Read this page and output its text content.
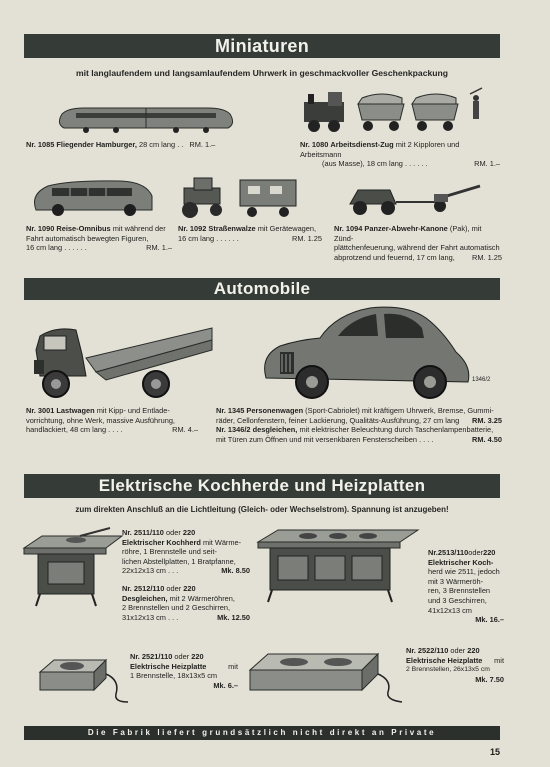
Miniaturen
mit langlaufendem und langsamlaufendem Uhrwerk in geschmackvoller Geschenkpackung
Nr. 1085 Fliegender Hamburger, 28 cm lang . . RM. 1.–	Nr. 1080 Arbeitsdienst-Zug mit 2 Kipploren und Arbeitsmann
(aus Masse), 18 cm lang . . . . . .	RM. 1.–
Nr. 1090 Reise-Omnibus mit während der
Fahrt automatisch bewegten Figuren,
16 cm lang . . . . . .	RM. 1.–
Nr. 1092 Straßenwalze mit Gerätewagen,
16 cm lang . . . . . .	RM. 1.25
Nr. 1094 Panzer-Abwehr-Kanone (Pak), mit Zünd-
plättchenfeuerung, während der Fahrt automatisch
abprotzend und feuernd, 17 cm lang, RM. 1.25
Automobile
1346/2
Nr. 3001 Lastwagen mit Kipp- und Entlade-
vorrichtung, ohne Werk, massive Ausführung,
handlackiert, 48 cm lang . . . .	RM. 4.–
Nr. 1345 Personenwagen (Sport-Cabriolet) mit kräftigem Uhrwerk, Bremse, Gummi-
räder, Cellonfenstern, feiner Lackierung, Qualitäts-Ausführung, 27 cm lang RM. 3.25
Nr. 1346/2 desgleichen, mit elektrischer Beleuchtung durch Taschenlampenbatterie,
mit Türen zum Öffnen und mit versenkbaren Fensterscheiben . . . .	RM. 4.50
Elektrische Kochherde und Heizplatten
zum direkten Anschluß an die Lichtleitung (Gleich- oder Wechselstrom). Spannung ist anzugeben!
Nr. 2511/110 oder 220
Elektrischer Kochherd mit Wärme-
röhre, 1 Brennstelle und seit-
lichen Abstellplatten, 1 Bratpfanne,
22x12x13 cm . . .	Mk. 8.50
Nr. 2512/110 oder 220
Desgleichen, mit 2 Wärmeröhren,
2 Brennstellen und 2 Geschirren,
31x12x13 cm . . .	Mk. 12.50
Nr.2513/110oder220
Elektrischer Koch-
herd wie 2511, jedoch
mit 3 Wärmeröh-
ren, 3 Brennstellen
und 3 Geschirren,
41x12x13 cm
Mk. 16.–
Nr. 2521/110 oder 220
Elektrische Heizplatte	mit
1 Brennstelle, 18x13x5 cm
Mk. 6.–
Nr. 2522/110 oder 220
Elektrische Heizplatte mit
2 Brennstellen, 26x13x5 cm
Mk. 7.50
Die Fabrik liefert grundsätzlich nicht direkt an Private
15
